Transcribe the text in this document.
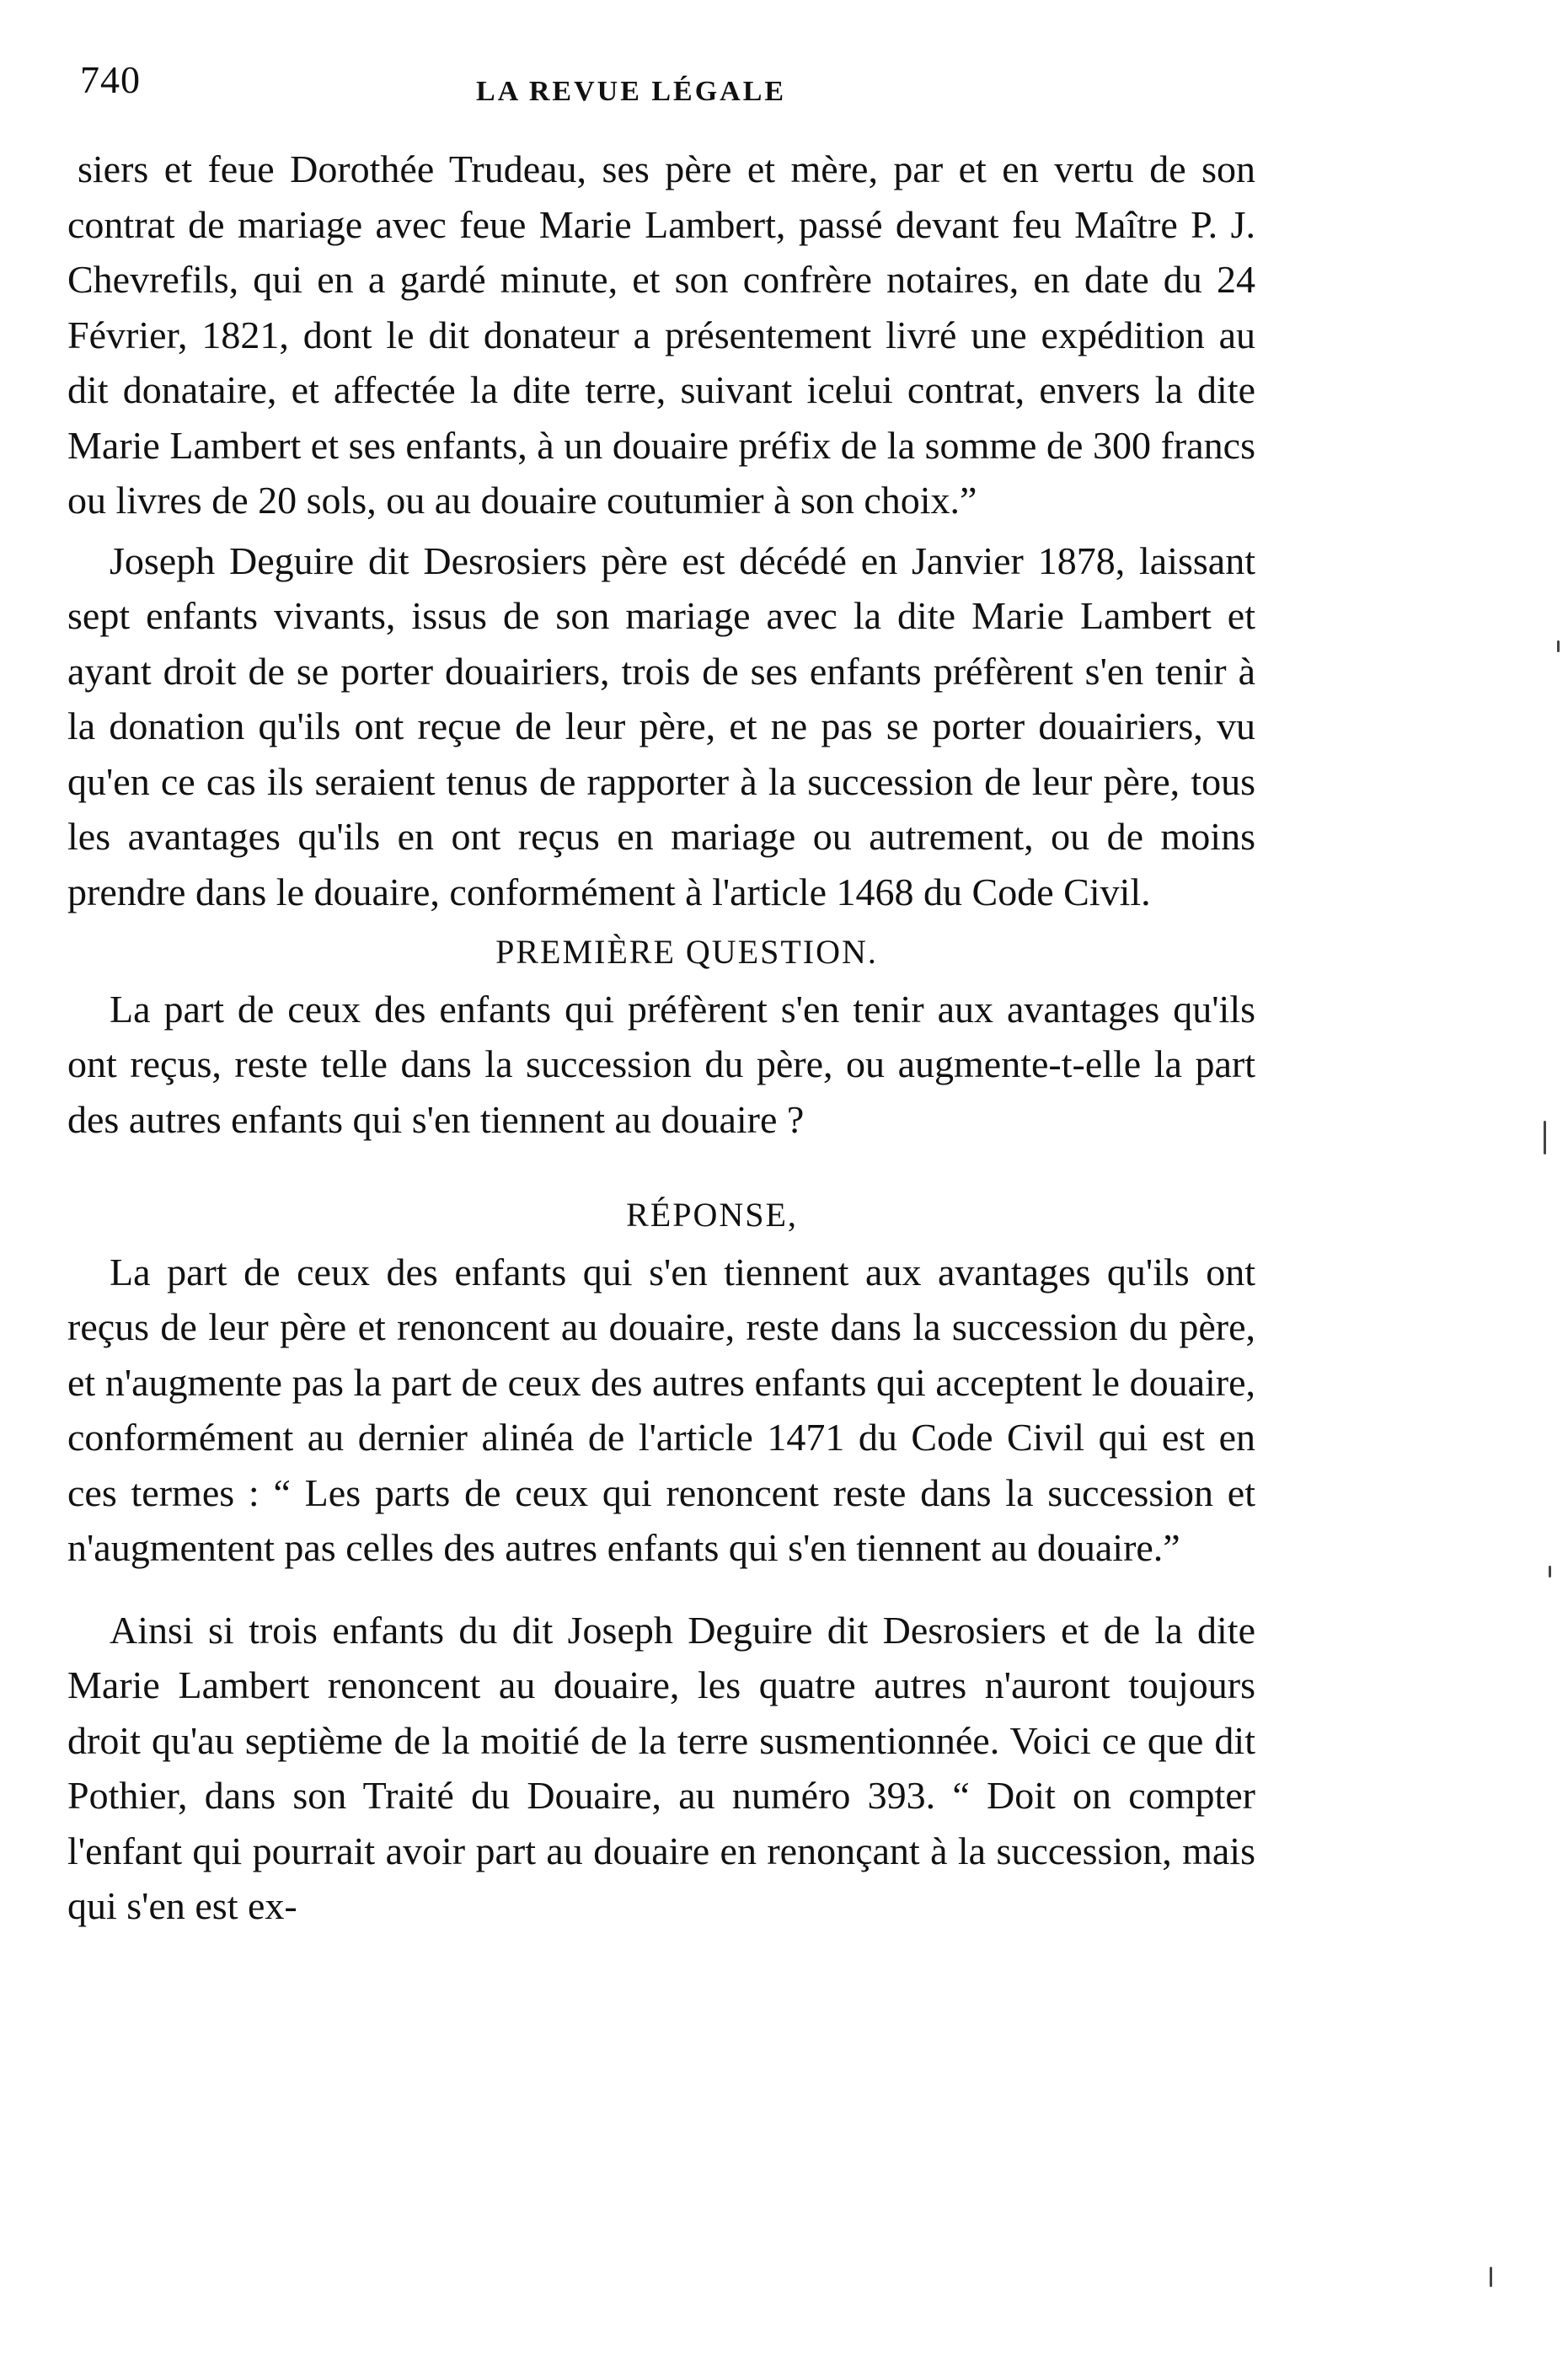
740	LA REVUE LÉGALE

siers et feue Dorothée Trudeau, ses père et mère, par et en vertu de son contrat de mariage avec feue Marie Lambert, passé devant feu Maître P. J. Chevrefils, qui en a gardé minute, et son confrère notaires, en date du 24 Février, 1821, dont le dit donateur a présentement livré une expédition au dit donataire, et affectée la dite terre, suivant icelui contrat, envers la dite Marie Lambert et ses enfants, à un douaire préfix de la somme de 300 francs ou livres de 20 sols, ou au douaire coutumier à son choix.”

Joseph Deguire dit Desrosiers père est décédé en Janvier 1878, laissant sept enfants vivants, issus de son mariage avec la dite Marie Lambert et ayant droit de se porter douairiers, trois de ses enfants préfèrent s'en tenir à la donation qu'ils ont reçue de leur père, et ne pas se porter douairiers, vu qu'en ce cas ils seraient tenus de rapporter à la succession de leur père, tous les avantages qu'ils en ont reçus en mariage ou autrement, ou de moins prendre dans le douaire, conformément à l'article 1468 du Code Civil.

PREMIÈRE QUESTION.

La part de ceux des enfants qui préfèrent s'en tenir aux avantages qu'ils ont reçus, reste telle dans la succession du père, ou augmente-t-elle la part des autres enfants qui s'en tiennent au douaire ?

RÉPONSE,

La part de ceux des enfants qui s'en tiennent aux avantages qu'ils ont reçus de leur père et renoncent au douaire, reste dans la succession du père, et n'augmente pas la part de ceux des autres enfants qui acceptent le douaire, conformément au dernier alinéa de l'article 1471 du Code Civil qui est en ces termes : “ Les parts de ceux qui renoncent reste dans la succession et n'augmentent pas celles des autres enfants qui s'en tiennent au douaire.”

Ainsi si trois enfants du dit Joseph Deguire dit Desrosiers et de la dite Marie Lambert renoncent au douaire, les quatre autres n'auront toujours droit qu'au septième de la moitié de la terre susmentionnée. Voici ce que dit Pothier, dans son Traité du Douaire, au numéro 393. “ Doit on compter l'enfant qui pourrait avoir part au douaire en renonçant à la succession, mais qui s'en est ex-
